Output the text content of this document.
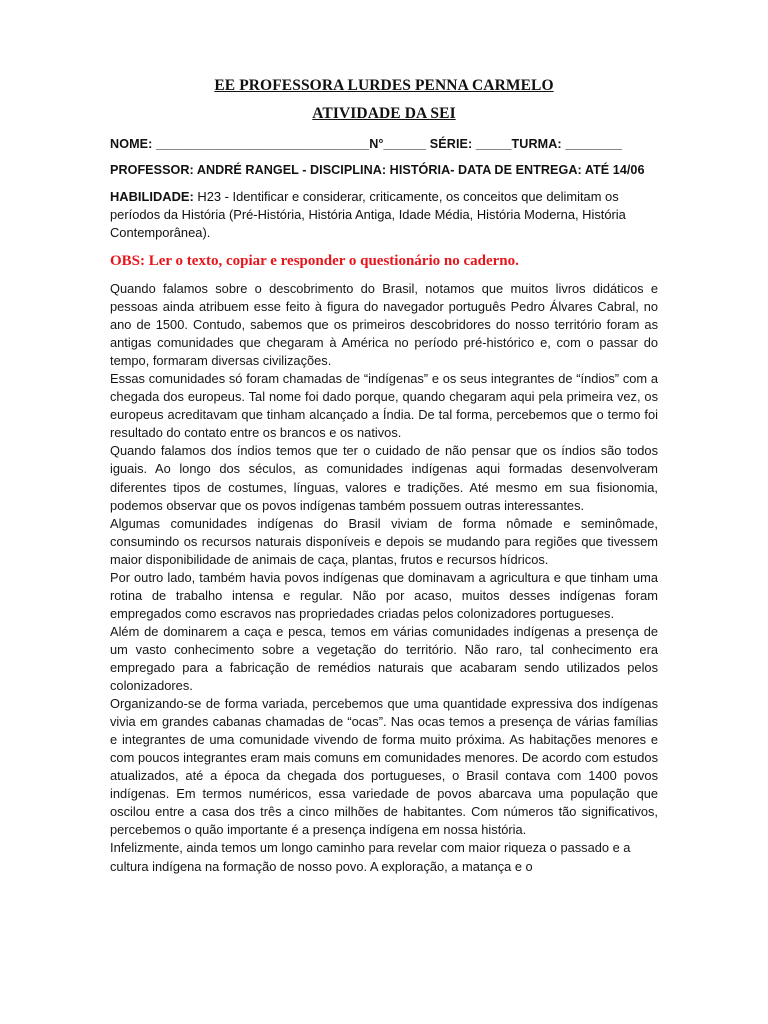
EE PROFESSORA LURDES PENNA CARMELO
ATIVIDADE DA SEI

NOME: ______________________________N°______ SÉRIE: _____TURMA: ________

PROFESSOR: ANDRÉ RANGEL - DISCIPLINA: HISTÓRIA- DATA DE ENTREGA: ATÉ 14/06

HABILIDADE: H23 - Identificar e considerar, criticamente, os conceitos que delimitam os períodos da História (Pré-História, História Antiga, Idade Média, História Moderna, História Contemporânea).

OBS: Ler o texto, copiar e responder o questionário no caderno.

Quando falamos sobre o descobrimento do Brasil, notamos que muitos livros didáticos e pessoas ainda atribuem esse feito à figura do navegador português Pedro Álvares Cabral, no ano de 1500. Contudo, sabemos que os primeiros descobridores do nosso território foram as antigas comunidades que chegaram à América no período pré-histórico e, com o passar do tempo, formaram diversas civilizações.

Essas comunidades só foram chamadas de “indígenas” e os seus integrantes de “índios” com a chegada dos europeus. Tal nome foi dado porque, quando chegaram aqui pela primeira vez, os europeus acreditavam que tinham alcançado a Índia. De tal forma, percebemos que o termo foi resultado do contato entre os brancos e os nativos.

Quando falamos dos índios temos que ter o cuidado de não pensar que os índios são todos iguais. Ao longo dos séculos, as comunidades indígenas aqui formadas desenvolveram diferentes tipos de costumes, línguas, valores e tradições. Até mesmo em sua fisionomia, podemos observar que os povos indígenas também possuem outras interessantes.

Algumas comunidades indígenas do Brasil viviam de forma nômade e seminômade, consumindo os recursos naturais disponíveis e depois se mudando para regiões que tivessem maior disponibilidade de animais de caça, plantas, frutos e recursos hídricos.

Por outro lado, também havia povos indígenas que dominavam a agricultura e que tinham uma rotina de trabalho intensa e regular. Não por acaso, muitos desses indígenas foram empregados como escravos nas propriedades criadas pelos colonizadores portugueses.

Além de dominarem a caça e pesca, temos em várias comunidades indígenas a presença de um vasto conhecimento sobre a vegetação do território. Não raro, tal conhecimento era empregado para a fabricação de remédios naturais que acabaram sendo utilizados pelos colonizadores.

Organizando-se de forma variada, percebemos que uma quantidade expressiva dos indígenas vivia em grandes cabanas chamadas de “ocas”. Nas ocas temos a presença de várias famílias e integrantes de uma comunidade vivendo de forma muito próxima. As habitações menores e com poucos integrantes eram mais comuns em comunidades menores. De acordo com estudos atualizados, até a época da chegada dos portugueses, o Brasil contava com 1400 povos indígenas. Em termos numéricos, essa variedade de povos abarcava uma população que oscilou entre a casa dos três a cinco milhões de habitantes. Com números tão significativos, percebemos o quão importante é a presença indígena em nossa história.

Infelizmente, ainda temos um longo caminho para revelar com maior riqueza o passado e a cultura indígena na formação de nosso povo. A exploração, a matança e o
